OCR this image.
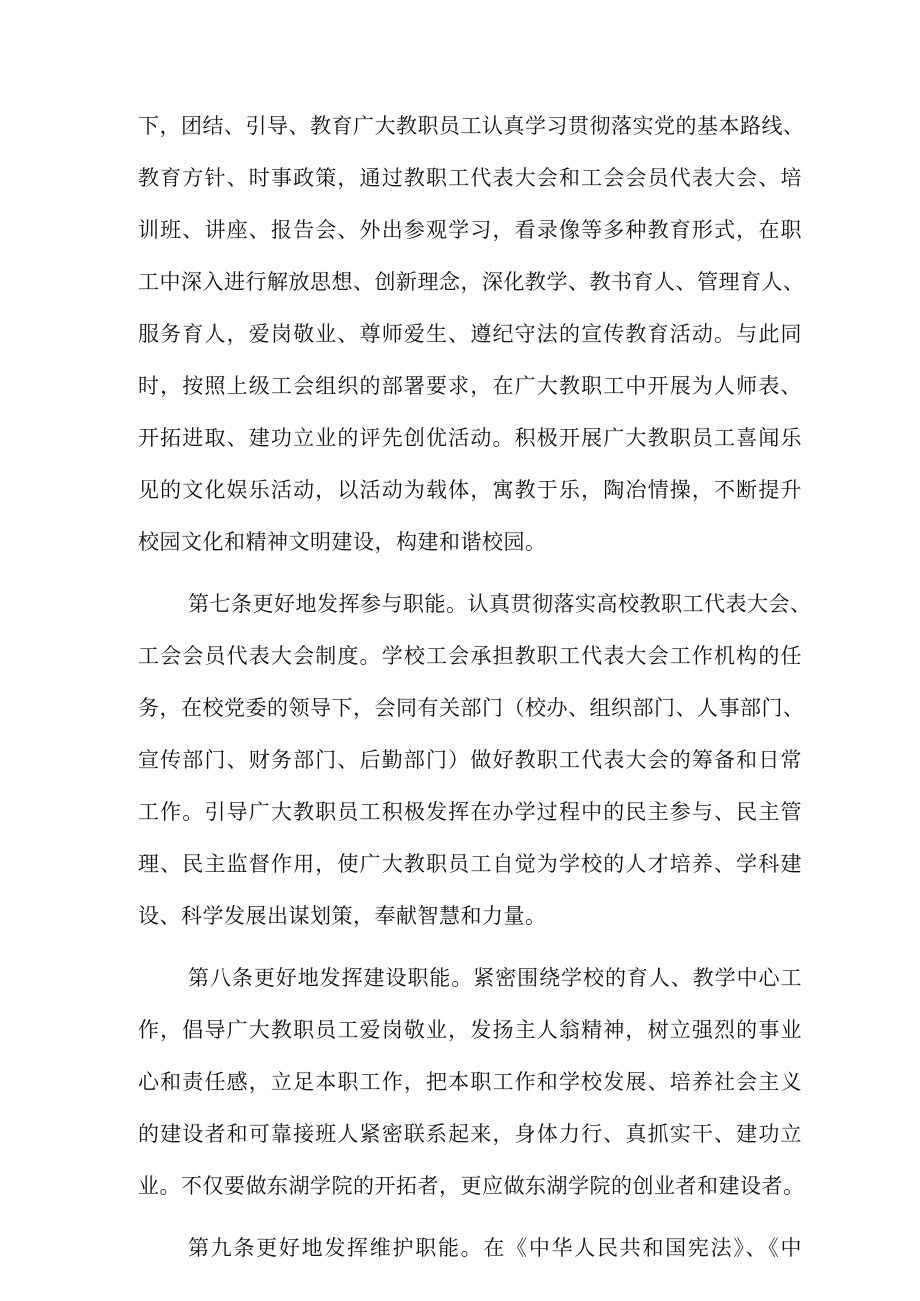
下，团结、引导、教育广大教职员工认真学习贯彻落实党的基本路线、
教育方针、时事政策，通过教职工代表大会和工会会员代表大会、培
训班、讲座、报告会、外出参观学习，看录像等多种教育形式，在职
工中深入进行解放思想、创新理念，深化教学、教书育人、管理育人、
服务育人，爱岗敬业、尊师爱生、遵纪守法的宣传教育活动。与此同
时，按照上级工会组织的部署要求，在广大教职工中开展为人师表、
开拓进取、建功立业的评先创优活动。积极开展广大教职员工喜闻乐
见的文化娱乐活动，以活动为载体，寓教于乐，陶冶情操，不断提升
校园文化和精神文明建设，构建和谐校园。
第七条更好地发挥参与职能。认真贯彻落实高校教职工代表大会、
工会会员代表大会制度。学校工会承担教职工代表大会工作机构的任
务，在校党委的领导下，会同有关部门（校办、组织部门、人事部门、
宣传部门、财务部门、后勤部门）做好教职工代表大会的筹备和日常
工作。引导广大教职员工积极发挥在办学过程中的民主参与、民主管
理、民主监督作用，使广大教职员工自觉为学校的人才培养、学科建
设、科学发展出谋划策，奉献智慧和力量。
第八条更好地发挥建设职能。紧密围绕学校的育人、教学中心工
作，倡导广大教职员工爱岗敬业，发扬主人翁精神，树立强烈的事业
心和责任感，立足本职工作，把本职工作和学校发展、培养社会主义
的建设者和可靠接班人紧密联系起来，身体力行、真抓实干、建功立
业。不仅要做东湖学院的开拓者，更应做东湖学院的创业者和建设者。
第九条更好地发挥维护职能。在《中华人民共和国宪法》、《中
